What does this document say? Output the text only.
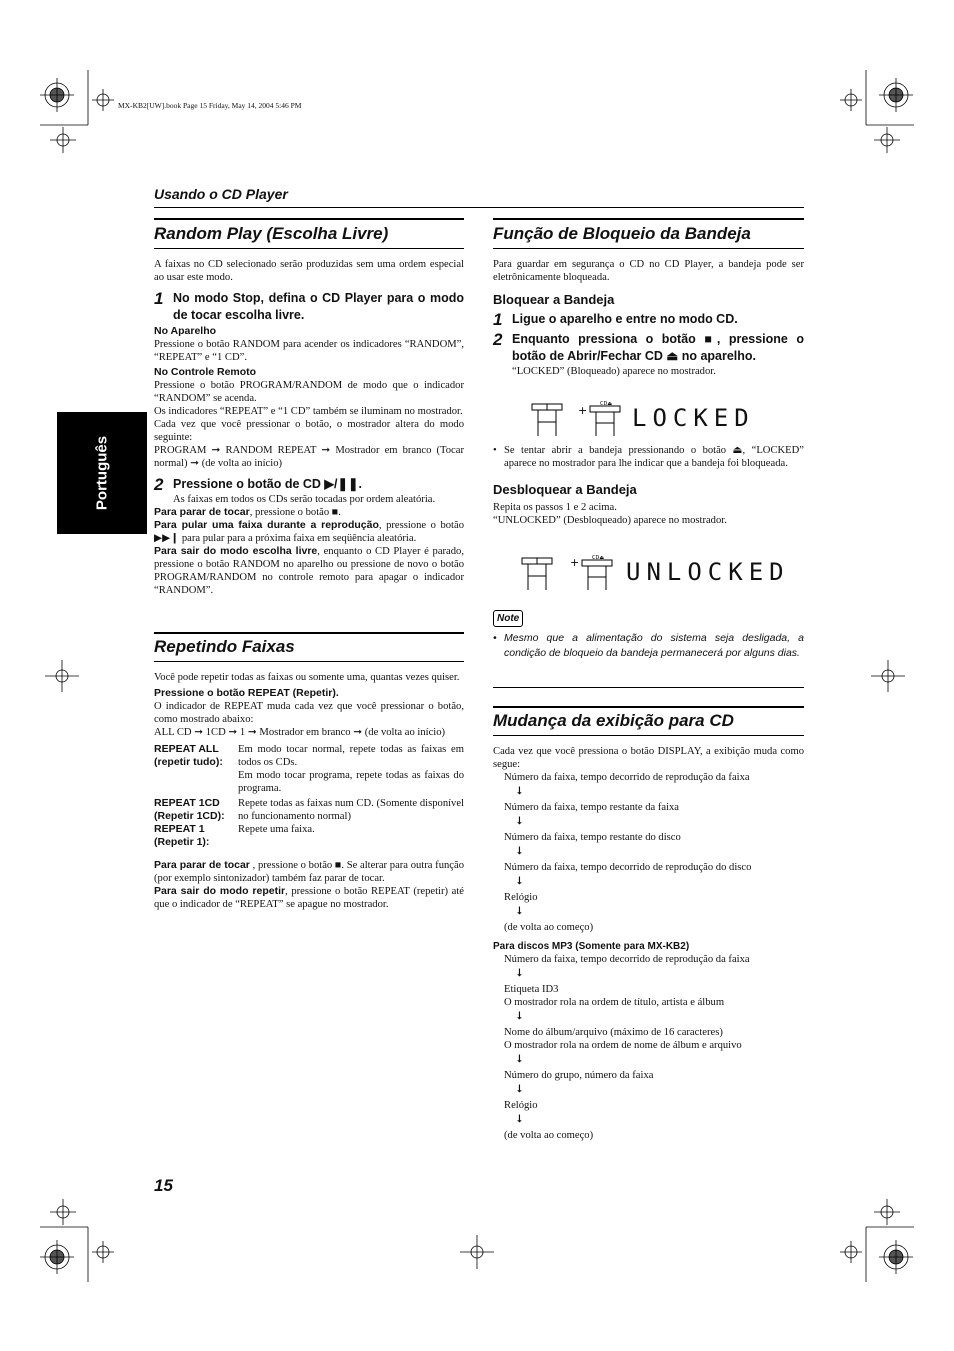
MX-KB2[UW].book Page 15 Friday, May 14, 2004 5:46 PM
Usando o CD Player
Português
Random Play (Escolha Livre)

A faixas no CD selecionado serão produzidas sem uma ordem especial ao usar este modo.

1 No modo Stop, defina o CD Player para o modo de tocar escolha livre.
No Aparelho

Pressione o botão RANDOM para acender os indicadores “RANDOM”, “REPEAT” e “1 CD”.

No Controle Remoto

Pressione o botão PROGRAM/RANDOM de modo que o indicador “RANDOM” se acenda.

Os indicadores “REPEAT” e “1 CD” também se iluminam no mostrador.

Cada vez que você pressionar o botão, o mostrador altera do modo seguinte:

PROGRAM ➞ RANDOM REPEAT ➞ Mostrador em branco (Tocar normal) ➞ (de volta ao início)

2 Pressione o botão de CD ▶/❚❚.

As faixas em todos os CDs serão tocadas por ordem aleatória.

Para parar de tocar, pressione o botão ■.

Para pular uma faixa durante a reprodução, pressione o botão ▶▶❙ para pular para a próxima faixa em seqüência aleatória.

Para sair do modo escolha livre, enquanto o CD Player é parado, pressione o botão RANDOM no aparelho ou pressione de novo o botão PROGRAM/RANDOM no controle remoto para apagar o indicador “RANDOM”.

Repetindo Faixas

Você pode repetir todas as faixas ou somente uma, quantas vezes quiser.

Pressione o botão REPEAT (Repetir).

O indicador de REPEAT muda cada vez que você pressionar o botão, como mostrado abaixo:

ALL CD ➞ 1CD ➞ 1 ➞ Mostrador em branco ➞ (de volta ao início)

REPEAT ALL (repetir tudo):
Em modo tocar normal, repete todas as faixas em todos os CDs.
Em modo tocar programa, repete todas as faixas do programa.
REPEAT 1CD (Repetir 1CD):
Repete todas as faixas num CD. (Somente disponível no funcionamento normal)
REPEAT 1 (Repetir 1):
Repete uma faixa.

Para parar de tocar , pressione o botão ■. Se alterar para outra função (por exemplo sintonizador) também faz parar de tocar.

Para sair do modo repetir, pressione o botão REPEAT (repetir) até que o indicador de “REPEAT” se apague no mostrador.

Função de Bloqueio da Bandeja

Para guardar em segurança o CD no CD Player, a bandeja pode ser eletrônicamente bloqueada.

Bloquear a Bandeja
1 Ligue o aparelho e entre no modo CD.
2 Enquanto pressiona o botão ■, pressione o botão de Abrir/Fechar CD ⏏ no aparelho.

“LOCKED” (Bloqueado) aparece no mostrador.

+	CD⏏ LOCKED
• Se tentar abrir a bandeja pressionando o botão ⏏, “LOCKED” aparece no mostrador para lhe indicar que a bandeja foi bloqueada.

Desbloquear a Bandeja

Repita os passos 1 e 2 acima.

“UNLOCKED” (Desbloqueado) aparece no mostrador.

+	CD⏏ UNLOCKED
Note
• Mesmo que a alimentação do sistema seja desligada, a condição de bloqueio da bandeja permanecerá por alguns dias.

Mudança da exibição para CD

Cada vez que você pressiona o botão DISPLAY, a exibição muda como segue:

Número da faixa, tempo decorrido de reprodução da faixa
➞
Número da faixa, tempo restante da faixa
➞
Número da faixa, tempo restante do disco
➞
Número da faixa, tempo decorrido de reprodução do disco
➞
Relógio
➞
(de volta ao começo)
Para discos MP3 (Somente para MX-KB2)
Número da faixa, tempo decorrido de reprodução da faixa
➞
Etiqueta ID3
O mostrador rola na ordem de título, artista e álbum
➞
Nome do álbum/arquivo (máximo de 16 caracteres)
O mostrador rola na ordem de nome de álbum e arquivo
➞
Número do grupo, número da faixa
➞
Relógio
➞
(de volta ao começo)
15
